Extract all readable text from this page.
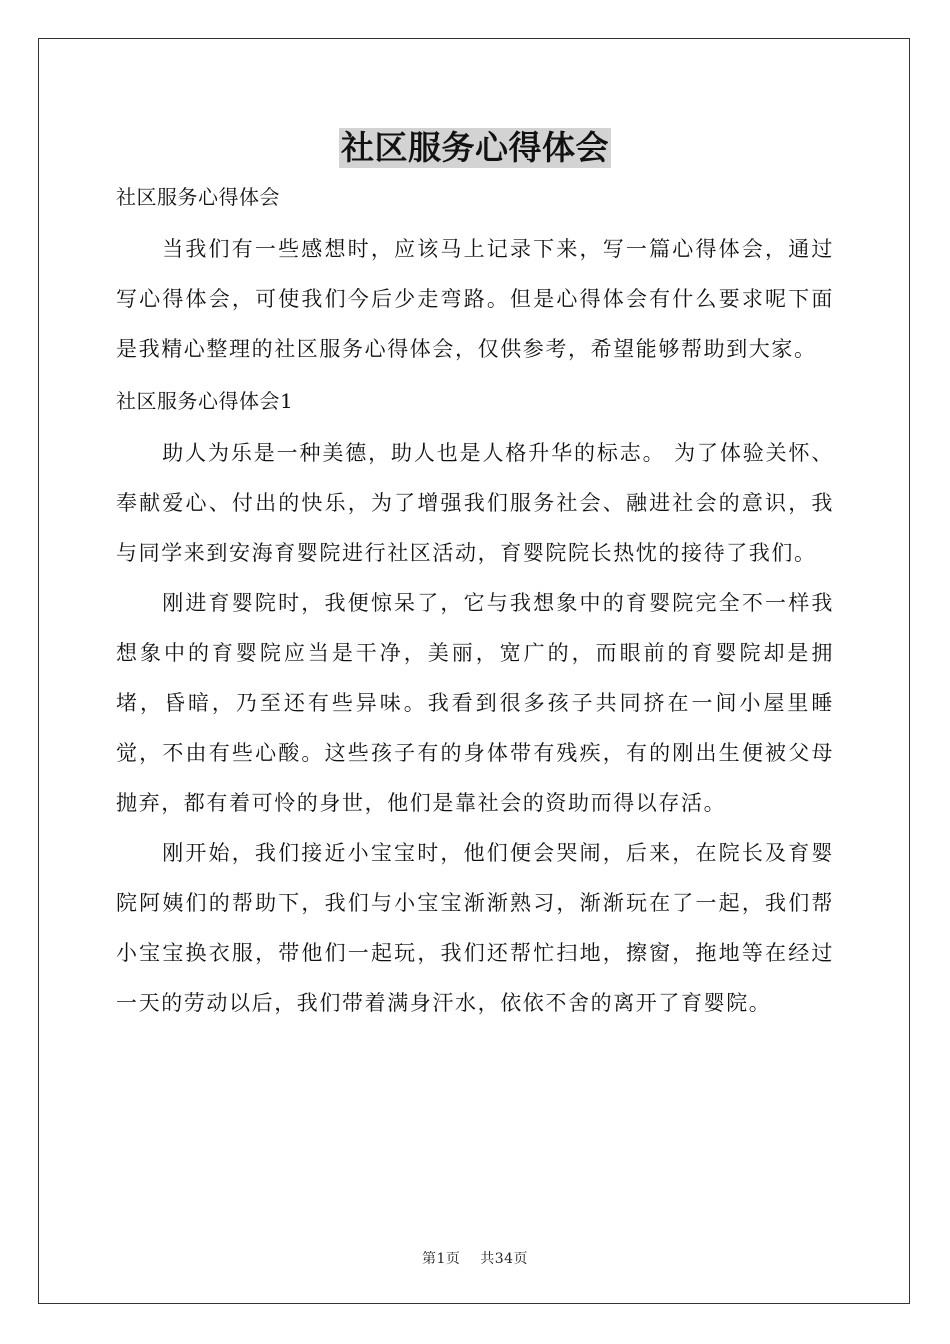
社区服务心得体会
社区服务心得体会

当我们有一些感想时，应该马上记录下来，写一篇心得体会，通过写心得体会，可使我们今后少走弯路。但是心得体会有什么要求呢下面是我精心整理的社区服务心得体会，仅供参考，希望能够帮助到大家。

社区服务心得体会1

助人为乐是一种美德，助人也是人格升华的标志。 为了体验关怀、奉献爱心、付出的快乐，为了增强我们服务社会、融进社会的意识，我与同学来到安海育婴院进行社区活动，育婴院院长热忱的接待了我们。

刚进育婴院时，我便惊呆了，它与我想象中的育婴院完全不一样我想象中的育婴院应当是干净，美丽，宽广的，而眼前的育婴院却是拥堵，昏暗，乃至还有些异味。我看到很多孩子共同挤在一间小屋里睡觉，不由有些心酸。这些孩子有的身体带有残疾，有的刚出生便被父母抛弃，都有着可怜的身世，他们是靠社会的资助而得以存活。

刚开始，我们接近小宝宝时，他们便会哭闹，后来，在院长及育婴院阿姨们的帮助下，我们与小宝宝渐渐熟习，渐渐玩在了一起，我们帮小宝宝换衣服，带他们一起玩，我们还帮忙扫地，擦窗，拖地等在经过一天的劳动以后，我们带着满身汗水，依依不舍的离开了育婴院。

第1页 共34页
